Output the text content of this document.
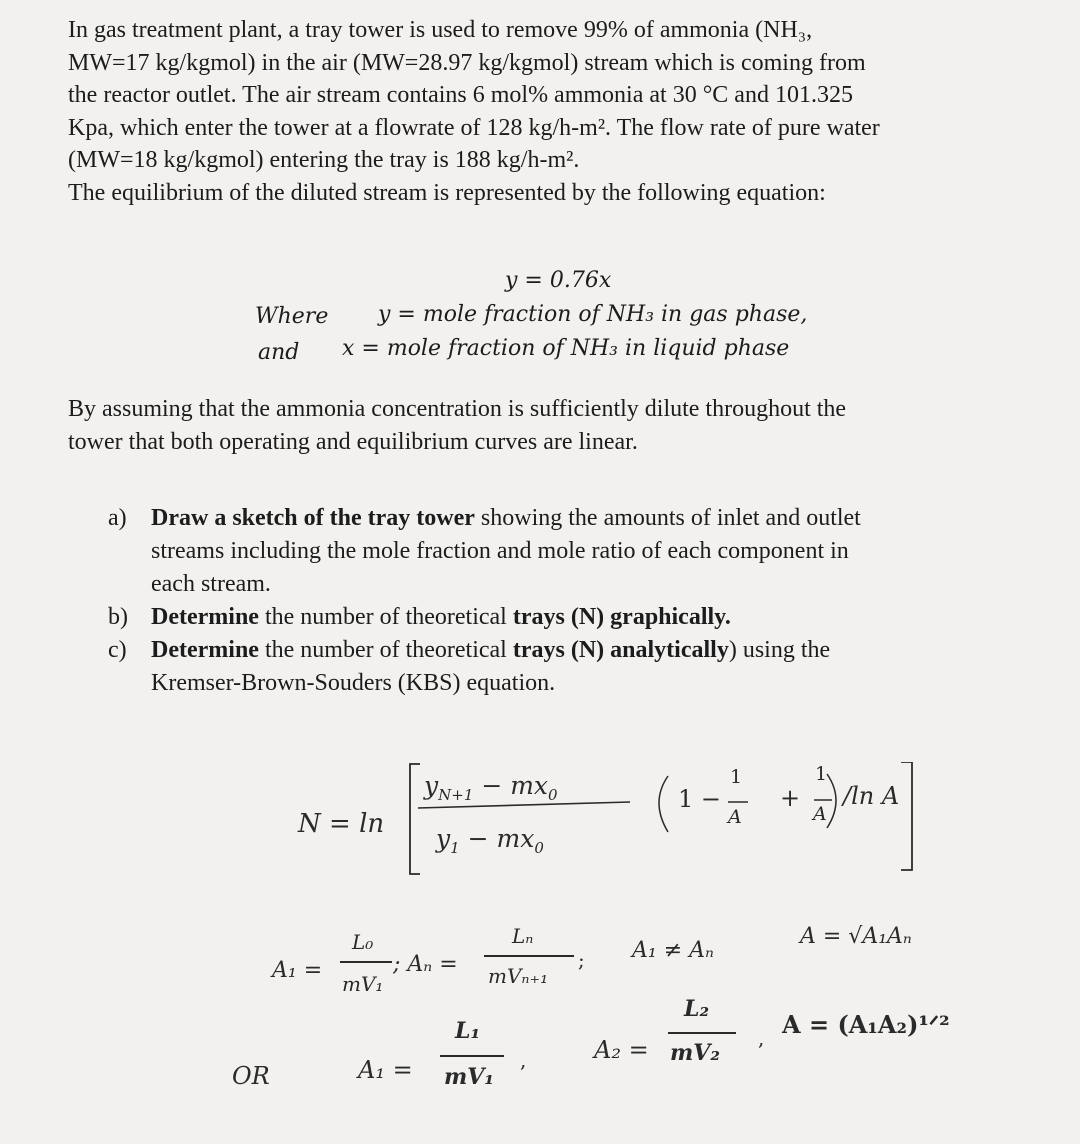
In gas treatment plant, a tray tower is used to remove 99% of ammonia (NH₃,
MW=17 kg/kgmol) in the air (MW=28.97 kg/kgmol) stream which is coming from
the reactor outlet. The air stream contains 6 mol% ammonia at 30 °C and 101.325
Kpa, which enter the tower at a flowrate of 128 kg/h-m². The flow rate of pure water
(MW=18 kg/kgmol) entering the tray is 188 kg/h-m².
The equilibrium of the diluted stream is represented by the following equation:
y = 0.76x
Where y = mole fraction of NH₃ in gas phase,
and x = mole fraction of NH₃ in liquid phase
By assuming that the ammonia concentration is sufficiently dilute throughout the
tower that both operating and equilibrium curves are linear.
a) Draw a sketch of the tray tower showing the amounts of inlet and outlet
streams including the mole fraction and mole ratio of each component in
each stream.
b) Determine the number of theoretical trays (N) graphically.
c) Determine the number of theoretical trays (N) analytically) using the
Kremser-Brown-Souders (KBS) equation.
N = ln
$y_{N+1} - mx_0$
$y_1 - mx_0$
1 −
1
A
+
1
A
/ln A
A₁ =
L₀
mV₁
; Aₙ =
Lₙ
mVₙ₊₁
; A₁ ≠ Aₙ
A = √A₁Aₙ
OR	A₁ =
L₁
mV₁
,	A₂ =
L₂
mV₂
, A = (A₁A₂)¹ᐟ²
